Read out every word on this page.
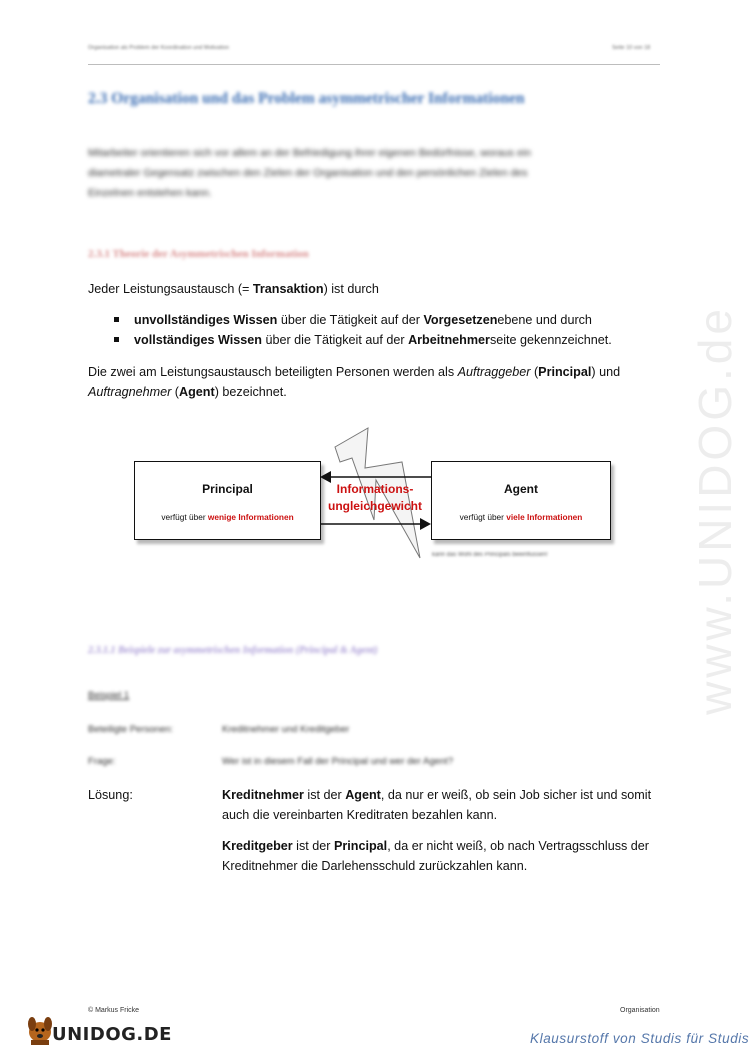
Organisation als Problem der Koordination und Motivation	Seite 10 von 18
www.UNIDOG.de
2.3 Organisation und das Problem asymmetrischer Informationen
Mitarbeiter orientieren sich vor allem an der Befriedigung ihrer eigenen Bedürfnisse, woraus ein
diametraler Gegensatz zwischen den Zielen der Organisation und den persönlichen Zielen des
Einzelnen entstehen kann.
2.3.1 Theorie der Asymmetrischen Information
Jeder Leistungsaustausch (= Transaktion) ist durch
unvollständiges Wissen über die Tätigkeit auf der Vorgesetzenebene und durch
vollständiges Wissen über die Tätigkeit auf der Arbeitnehmerseite gekennzeichnet.
Die zwei am Leistungsaustausch beteiligten Personen werden als Auftraggeber (Principal) und
Auftragnehmer (Agent) bezeichnet.
Principal
verfügt über wenige Informationen
Agent
verfügt über viele Informationen
Informations-
ungleichgewicht
kann das Wohl des Principals beeinflussen!
2.3.1.1 Beispiele zur asymmetrischen Information (Principal & Agent)
Beispiel 1
Beteiligte Personen:	Kreditnehmer und Kreditgeber
Frage:	Wer ist in diesem Fall der Principal und wer der Agent?
Lösung:	Kreditnehmer ist der Agent, da nur er weiß, ob sein Job sicher ist und somit
auch die vereinbarten Kreditraten bezahlen kann.
Kreditgeber ist der Principal, da er nicht weiß, ob nach Vertragsschluss der
Kreditnehmer die Darlehensschuld zurückzahlen kann.
© Markus Fricke	Organisation
UNIDOG.DE	Klausurstoff von Studis für Studis
